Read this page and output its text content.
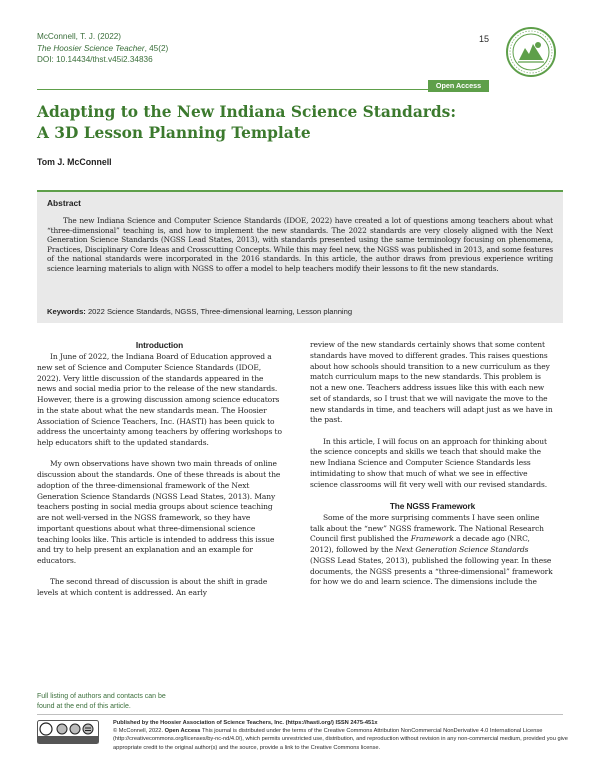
McConnell, T. J. (2022)
The Hoosier Science Teacher, 45(2)
DOI: 10.14434/thst.v45i2.34836
15
Open Access
Adapting to the New Indiana Science Standards:
A 3D Lesson Planning Template
Tom J. McConnell
Abstract

The new Indiana Science and Computer Science Standards (IDOE, 2022) have created a lot of questions among teachers about what “three-dimensional” teaching is, and how to implement the new standards. The 2022 standards are very closely aligned with the Next Generation Science Standards (NGSS Lead States, 2013), with standards presented using the same terminology focusing on phenomena, Practices, Disciplinary Core Ideas and Crosscutting Concepts. While this may feel new, the NGSS was published in 2013, and some features of the national standards were incorporated in the 2016 standards. In this article, the author draws from previous experience writing science learning materials to align with NGSS to offer a model to help teachers modify their lessons to fit the new standards.

Keywords: 2022 Science Standards, NGSS, Three-dimensional learning, Lesson planning
Introduction

In June of 2022, the Indiana Board of Education approved a new set of Science and Computer Science Standards (IDOE, 2022). Very little discussion of the standards appeared in the news and social media prior to the release of the new standards. However, there is a growing discussion among science educators in the state about what the new standards mean. The Hoosier Association of Science Teachers, Inc. (HASTI) has been quick to address the uncertainty among teachers by offering workshops to help educators shift to the updated standards.

My own observations have shown two main threads of online discussion about the standards. One of these threads is about the adoption of the three-dimensional framework of the Next Generation Science Standards (NGSS Lead States, 2013). Many teachers posting in social media groups about science teaching are not well-versed in the NGSS framework, so they have important questions about what three-dimensional science teaching looks like. This article is intended to address this issue and try to help present an explanation and an example for educators.

The second thread of discussion is about the shift in grade levels at which content is addressed. An early

review of the new standards certainly shows that some content standards have moved to different grades. This raises questions about how schools should transition to a new curriculum as they match curriculum maps to the new standards. This problem is not a new one. Teachers address issues like this with each new set of standards, so I trust that we will navigate the move to the new standards in time, and teachers will adapt just as we have in the past.

In this article, I will focus on an approach for thinking about the science concepts and skills we teach that should make the new Indiana Science and Computer Science Standards less intimidating to show that much of what we see in effective science classrooms will fit very well with our revised standards.

The NGSS Framework

Some of the more surprising comments I have seen online talk about the “new” NGSS framework. The National Research Council first published the Framework a decade ago (NRC, 2012), followed by the Next Generation Science Standards (NGSS Lead States, 2013), published the following year. In these documents, the NGSS presents a “three-dimensional” framework for how we do and learn science. The dimensions include the

Full listing of authors and contacts can be
found at the end of this article.
Published by the Hoosier Association of Science Teachers, Inc. (https://hasti.org/) ISSN 2475-451x
© McConnell, 2022. Open Access This journal is distributed under the terms of the Creative Commons Attribution NonCommercial NonDerivative 4.0 International License (http://creativecommons.org/licenses/by-nc-nd/4.0/), which permits unrestricted use, distribution, and reproduction without revision in any non-commercial medium, provided you give appropriate credit to the original author(s) and the source, provide a link to the Creative Commons license.
